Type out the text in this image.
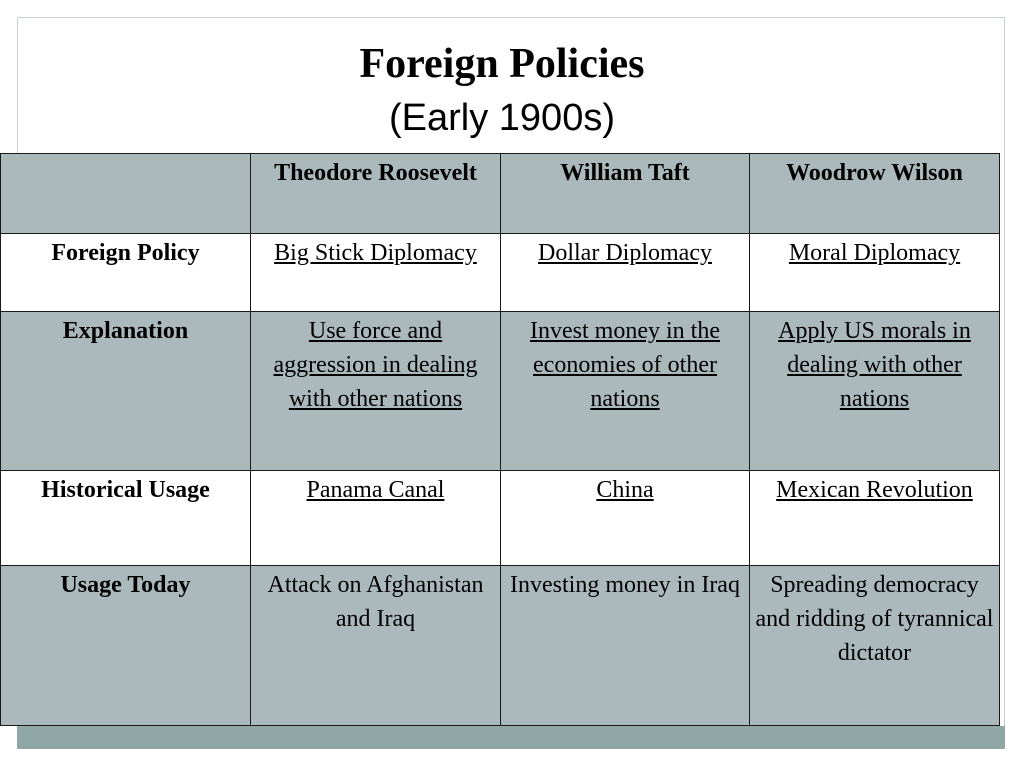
Foreign Policies
(Early 1900s)
	Theodore Roosevelt	William Taft	Woodrow Wilson
Foreign Policy	Big Stick Diplomacy	Dollar Diplomacy	Moral Diplomacy
Explanation	Use force and aggression in dealing with other nations	Invest money in the economies of other nations	Apply US morals in dealing with other nations
Historical Usage	Panama Canal	China	Mexican Revolution
Usage Today	Attack on Afghanistan and Iraq	Investing money in Iraq	Spreading democracy and ridding of tyrannical dictator
